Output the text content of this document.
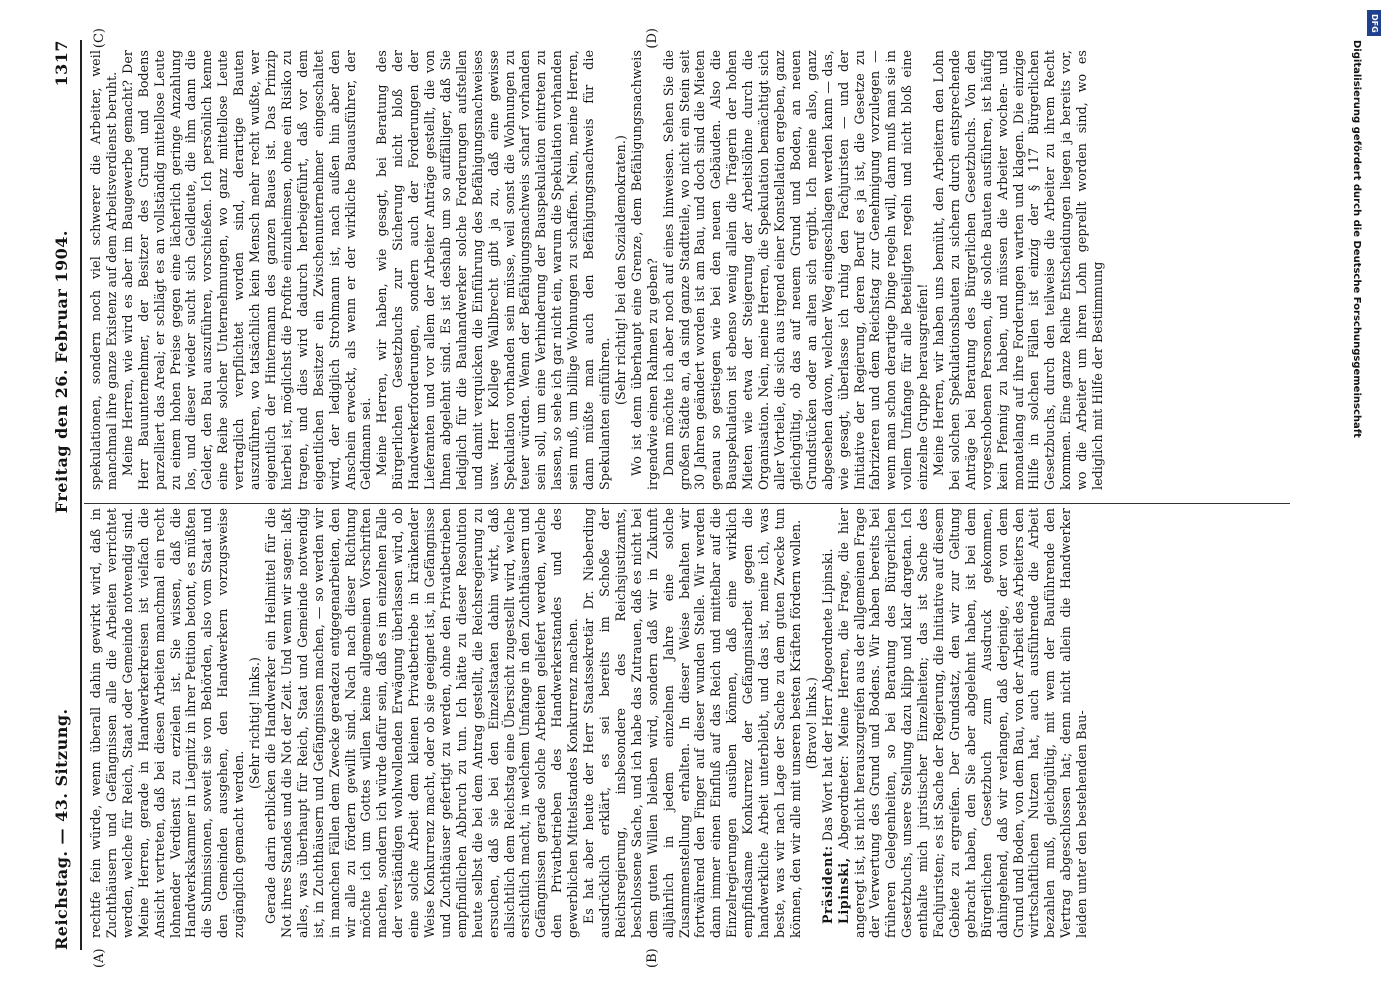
Reichstag. — 43. Sitzung.
Freitag den 26. Februar 1904.
1317
(A)	(B)
(C)	(D)

rechtfe fein würde, wenn überall dahin gewirkt wird, daß in Zuchthäusern und Gefängnissen alle die Arbeiten verrichtet werden, welche für Reich, Staat oder Gemeinde notwendig sind. Meine Herren, gerade in Handwerkerkreisen ist vielfach die Ansicht vertreten, daß bei diesen Arbeiten manchmal ein recht lohnender Verdienst zu erzielen ist. Sie wissen, daß die Handwerkskammer in Liegnitz in ihrer Petition betont, es müßten die Submissionen, soweit sie von Behörden, also vom Staat und den Gemeinden ausgehen, den Handwerkern vorzugsweise zugänglich gemacht werden.

(Sehr richtig! links.) Gerade darin erblicken die Handwerker ein Heilmittel für die Not ihres Standes und die Not der Zeit. Und wenn wir sagen: laßt alles, was überhaupt für Reich, Staat und Gemeinde notwendig ist, in Zuchthäusern und Gefängnissen machen, — so werden wir in manchen Fällen dem Zwecke geradezu entgegenarbeiten, den wir alle zu fördern gewillt sind. Nach nach dieser Richtung möchte ich um Gottes willen keine allgemeinen Vorschriften machen, sondern ich würde dafür sein, daß es im einzelnen Falle der verständigen wohlwollenden Erwägung überlassen wird, ob eine solche Arbeit dem kleinen Privatbetriebe in kränkender Weise Konkurrenz macht, oder ob sie geeignet ist, in Gefängnisse und Zuchthäuser gefertigt zu werden, ohne den Privatbetrieben empfindlichen Abbruch zu tun. Ich hätte zu dieser Resolution heute selbst die bei dem Antrag gestellt, die Reichsregierung zu ersuchen, daß sie bei den Einzelstaaten dahin wirkt, daß allsichtlich dem Reichstag eine Übersicht zugestellt wird, welche ersichtlich macht, in welchem Umfange in den Zuchthäusern und Gefängnissen gerade solche Arbeiten geliefert werden, welche den Privatbetrieben des Handwerkerstandes und des gewerblichen Mittelstandes Konkurrenz machen. Es hat aber heute der Herr Staatssekretär Dr. Nieberding ausdrücklich erklärt, es sei bereits im Schoße der Reichsregierung, insbesondere des Reichsjustizamts, beschlossene Sache, und ich habe das Zutrauen, daß es nicht bei dem guten Willen bleiben wird, sondern daß wir in Zukunft alljährlich in jedem einzelnen Jahre eine solche Zusammenstellung erhalten. In dieser Weise behalten wir fortwährend den Finger auf dieser wunden Stelle. Wir werden dann immer einen Einfluß auf das Reich und mittelbar auf die Einzelregierungen ausüben können, daß eine wirklich empfindsame Konkurrenz der Gefängnisarbeit gegen die handwerkliche Arbeit unterbleibt, und das ist, meine ich, was beste, was wir nach Lage der Sache zu dem guten Zwecke tun können, den wir alle mit unseren besten Kräften fördern wollen. (Bravo! links.)

Präsident: Das Wort hat der Herr Abgeordnete Lipinski.

Lipinski, Abgeordneter: Meine Herren, die Frage, die hier angeregt ist, ist nicht herauszugreifen aus der allgemeinen Frage der Verwertung des Grund und Bodens. Wir haben bereits bei früheren Gelegenheiten, so bei Beratung des Bürgerlichen Gesetzbuchs, unsere Stellung dazu klipp und klar dargetan. Ich enthalte mich juristischer Einzelheiten; das ist Sache des Fachjuristen; es ist Sache der Regierung, die Initiative auf diesem Gebiete zu ergreifen. Der Grundsatz, den wir zur Geltung gebracht haben, den Sie aber abgelehnt haben, ist bei dem Bürgerlichen Gesetzbuch zum Ausdruck gekommen, dahingehend, daß wir verlangen, daß derjenige, der von dem Grund und Boden, von dem Bau, von der Arbeit des Arbeiters den wirtschaftlichen Nutzen hat, auch ausführende die Arbeit bezahlen muß, gleichgültig, mit wem der Bauführende den Vertrag abgeschlossen hat; denn nicht allein die Handwerker leiden unter den bestehenden Bau-

spekulationen, sondern noch viel schwerer die Arbeiter, weil manchmal ihre ganze Existenz auf dem Arbeitsverdienst beruht. Meine Herren, wie wird es aber im Baugewerbe gemacht? Der Herr Bauunternehmer, der Besitzer des Grund und Bodens parzelliert das Areal; er schlägt es an vollständig mittellose Leute zu einem hohen Preise gegen eine lächerlich geringe Anzahlung los, und dieser wieder sucht sich Geldleute, die ihm dann die Gelder, den Bau auszuführen, vorschießen. Ich persönlich kenne eine Reihe solcher Unternehmungen, wo ganz mittellose Leute vertraglich verpflichtet worden sind, derartige Bauten auszuführen, wo tatsächlich kein Mensch mehr recht wußte, wer eigentlich der Hintermann des ganzen Baues ist. Das Prinzip hierbei ist, möglichst die Profite einzuheimsen, ohne ein Risiko zu tragen, und dies wird dadurch herbeigeführt, daß vor dem eigentlichen Besitzer ein Zwischenunternehmer eingeschaltet wird, der lediglich Strohmann ist, nach außen hin aber den Anschein erweckt, als wenn er der wirkliche Bauausführer, der Geldmann sei. Meine Herren, wir haben, wie gesagt, bei Beratung des Bürgerlichen Gesetzbuchs zur Sicherung nicht bloß der Handwerkerforderungen, sondern auch der Forderungen der Lieferanten und vor allem der Arbeiter Anträge gestellt, die von Ihnen abgelehnt sind. Es ist deshalb um so auffälliger, daß Sie lediglich für die Bauhandwerker solche Forderungen aufstellen und damit verquicken die Einführung des Befähigungsnachweises usw. Herr Kollege Wallbrecht gibt ja zu, daß eine gewisse Spekulation vorhanden sein müsse, weil sonst die Wohnungen zu teuer würden. Wenn der Befähigungsnachweis scharf vorhanden sein soll, um eine Verhinderung der Bauspekulation eintreten zu lassen, so sehe ich gar nicht ein, warum die Spekulation vorhanden sein muß, um billige Wohnungen zu schaffen. Nein, meine Herren, dann müßte man auch den Befähigungsnachweis für die Spekulanten einführen.

(Sehr richtig! bei den Sozialdemokraten.) Wo ist denn überhaupt eine Grenze, dem Befähigungsnachweis irgendwie einen Rahmen zu geben? Dann möchte ich aber noch auf eines hinweisen. Sehen Sie die großen Städte an, da sind ganze Stadtteile, wo nicht ein Stein seit 30 Jahren geändert worden ist am Bau, und doch sind die Mieten genau so gestiegen wie bei den neuen Gebäuden. Also die Bauspekulation ist ebenso wenig allein die Trägerin der hohen Mieten wie etwa der Steigerung der Arbeitslöhne durch die Organisation. Nein, meine Herren, die Spekulation bemächtigt sich aller Vorteile, die sich aus irgend einer Konstellation ergeben, ganz gleichgültig, ob das auf neuem Grund und Boden, an neuen Grundstücken oder an alten sich ergibt. Ich meine also, ganz abgesehen davon, welcher Weg eingeschlagen werden kann — das, wie gesagt, überlasse ich ruhig den Fachjuristen — und der Initiative der Regierung, deren Beruf es ja ist, die Gesetze zu fabrizieren und dem Reichstag zur Genehmigung vorzulegen — wenn man schon derartige Dinge regeln will, dann muß man sie in vollem Umfange für alle Beteiligten regeln und nicht bloß eine einzelne Gruppe herausgreifen! Meine Herren, wir haben uns bemüht, den Arbeitern den Lohn bei solchen Spekulationsbauten zu sichern durch entsprechende Anträge bei Beratung des Bürgerlichen Gesetzbuchs. Von den vorgeschobenen Personen, die solche Bauten ausführen, ist häufig kein Pfennig zu haben, und müssen die Arbeiter wochen- und monatelang auf ihre Forderungen warten und klagen. Die einzige Hilfe in solchen Fällen ist einzig der § 117 Bürgerlichen Gesetzbuchs, durch den teilweise die Arbeiter zu ihrem Recht kommen. Eine ganze Reihe Entscheidungen liegen ja bereits vor, wo die Arbeiter um ihren Lohn geprellt worden sind, wo es lediglich mit Hilfe der Bestimmung

DFG
Digitalisierung gefördert durch die Deutsche Forschungsgemeinschaft
